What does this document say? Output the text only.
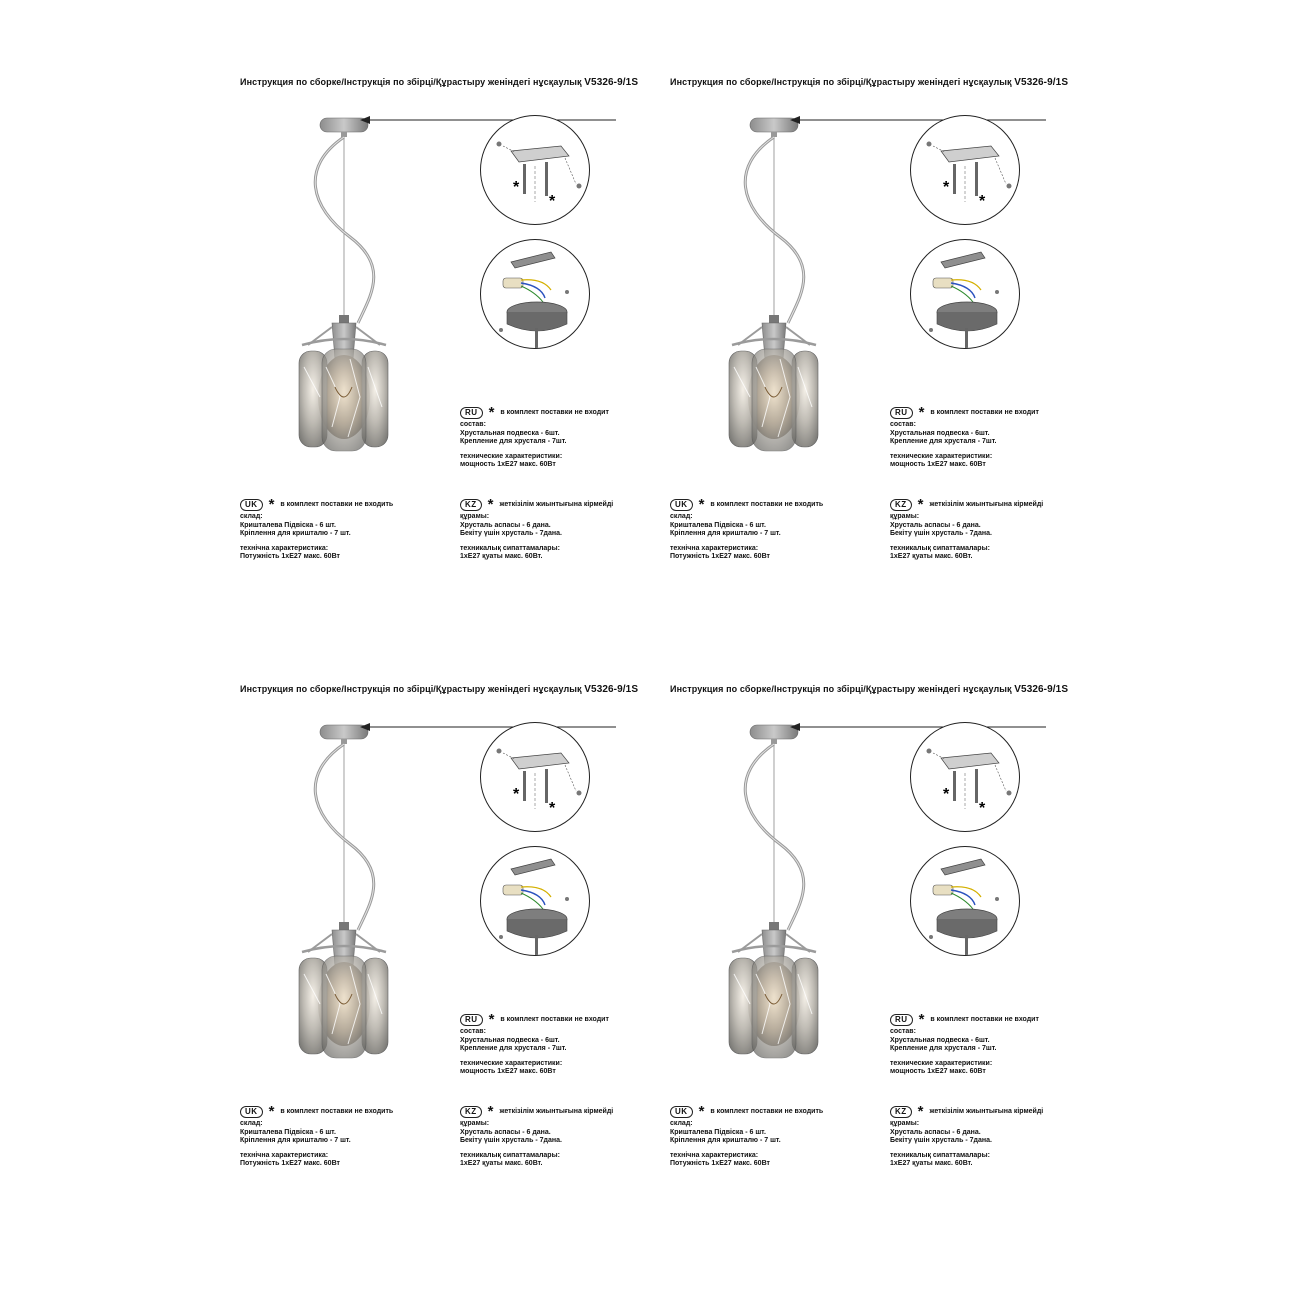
Инструкция по сборке/Інструкція по збірці/Құрастыру женіндегі нұсқаулық V5326-9/1S
*
*
RU * в комплект поставки не входит
состав:
Хрустальная подвеска - 6шт.
Крепление для хрусталя - 7шт.
технические характеристики:
мощность 1xE27 макс. 60Вт
UK * в комплект поставки не входить
склад:
Кришталева Підвіска - 6 шт.
Кріплення для кришталю - 7 шт.
технічна характеристика:
Потужність 1xE27 макс. 60Вт
KZ * жеткізілім жиынтығына кірмейді
құрамы:
Хрусталь аспасы - 6 дана.
Бекіту үшін хрусталь - 7дана.
техникалық сипаттамалары:
1xE27 қуаты макс. 60Вт.
Инструкция по сборке/Інструкція по збірці/Құрастыру женіндегі нұсқаулық V5326-9/1S
*
*
RU * в комплект поставки не входит
состав:
Хрустальная подвеска - 6шт.
Крепление для хрусталя - 7шт.
технические характеристики:
мощность 1xE27 макс. 60Вт
UK * в комплект поставки не входить
склад:
Кришталева Підвіска - 6 шт.
Кріплення для кришталю - 7 шт.
технічна характеристика:
Потужність 1xE27 макс. 60Вт
KZ * жеткізілім жиынтығына кірмейді
құрамы:
Хрусталь аспасы - 6 дана.
Бекіту үшін хрусталь - 7дана.
техникалық сипаттамалары:
1xE27 қуаты макс. 60Вт.
Инструкция по сборке/Інструкція по збірці/Құрастыру женіндегі нұсқаулық V5326-9/1S
*
*
RU * в комплект поставки не входит
состав:
Хрустальная подвеска - 6шт.
Крепление для хрусталя - 7шт.
технические характеристики:
мощность 1xE27 макс. 60Вт
UK * в комплект поставки не входить
склад:
Кришталева Підвіска - 6 шт.
Кріплення для кришталю - 7 шт.
технічна характеристика:
Потужність 1xE27 макс. 60Вт
KZ * жеткізілім жиынтығына кірмейді
құрамы:
Хрусталь аспасы - 6 дана.
Бекіту үшін хрусталь - 7дана.
техникалық сипаттамалары:
1xE27 қуаты макс. 60Вт.
Инструкция по сборке/Інструкція по збірці/Құрастыру женіндегі нұсқаулық V5326-9/1S
*
*
RU * в комплект поставки не входит
состав:
Хрустальная подвеска - 6шт.
Крепление для хрусталя - 7шт.
технические характеристики:
мощность 1xE27 макс. 60Вт
UK * в комплект поставки не входить
склад:
Кришталева Підвіска - 6 шт.
Кріплення для кришталю - 7 шт.
технічна характеристика:
Потужність 1xE27 макс. 60Вт
KZ * жеткізілім жиынтығына кірмейді
құрамы:
Хрусталь аспасы - 6 дана.
Бекіту үшін хрусталь - 7дана.
техникалық сипаттамалары:
1xE27 қуаты макс. 60Вт.
